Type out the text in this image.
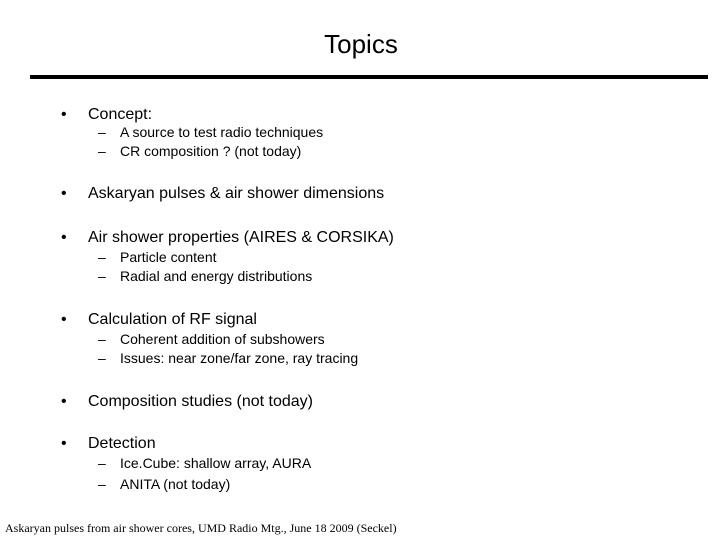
Topics
• Concept:
– A source to test radio techniques
– CR composition ? (not today)
• Askaryan pulses & air shower dimensions
• Air shower properties (AIRES & CORSIKA)
– Particle content
– Radial and energy distributions
• Calculation of RF signal
– Coherent addition of subshowers
– Issues: near zone/far zone, ray tracing
• Composition studies (not today)
• Detection
– Ice.Cube: shallow array, AURA
– ANITA (not today)
Askaryan pulses from air shower cores, UMD Radio Mtg., June 18 2009 (Seckel)
